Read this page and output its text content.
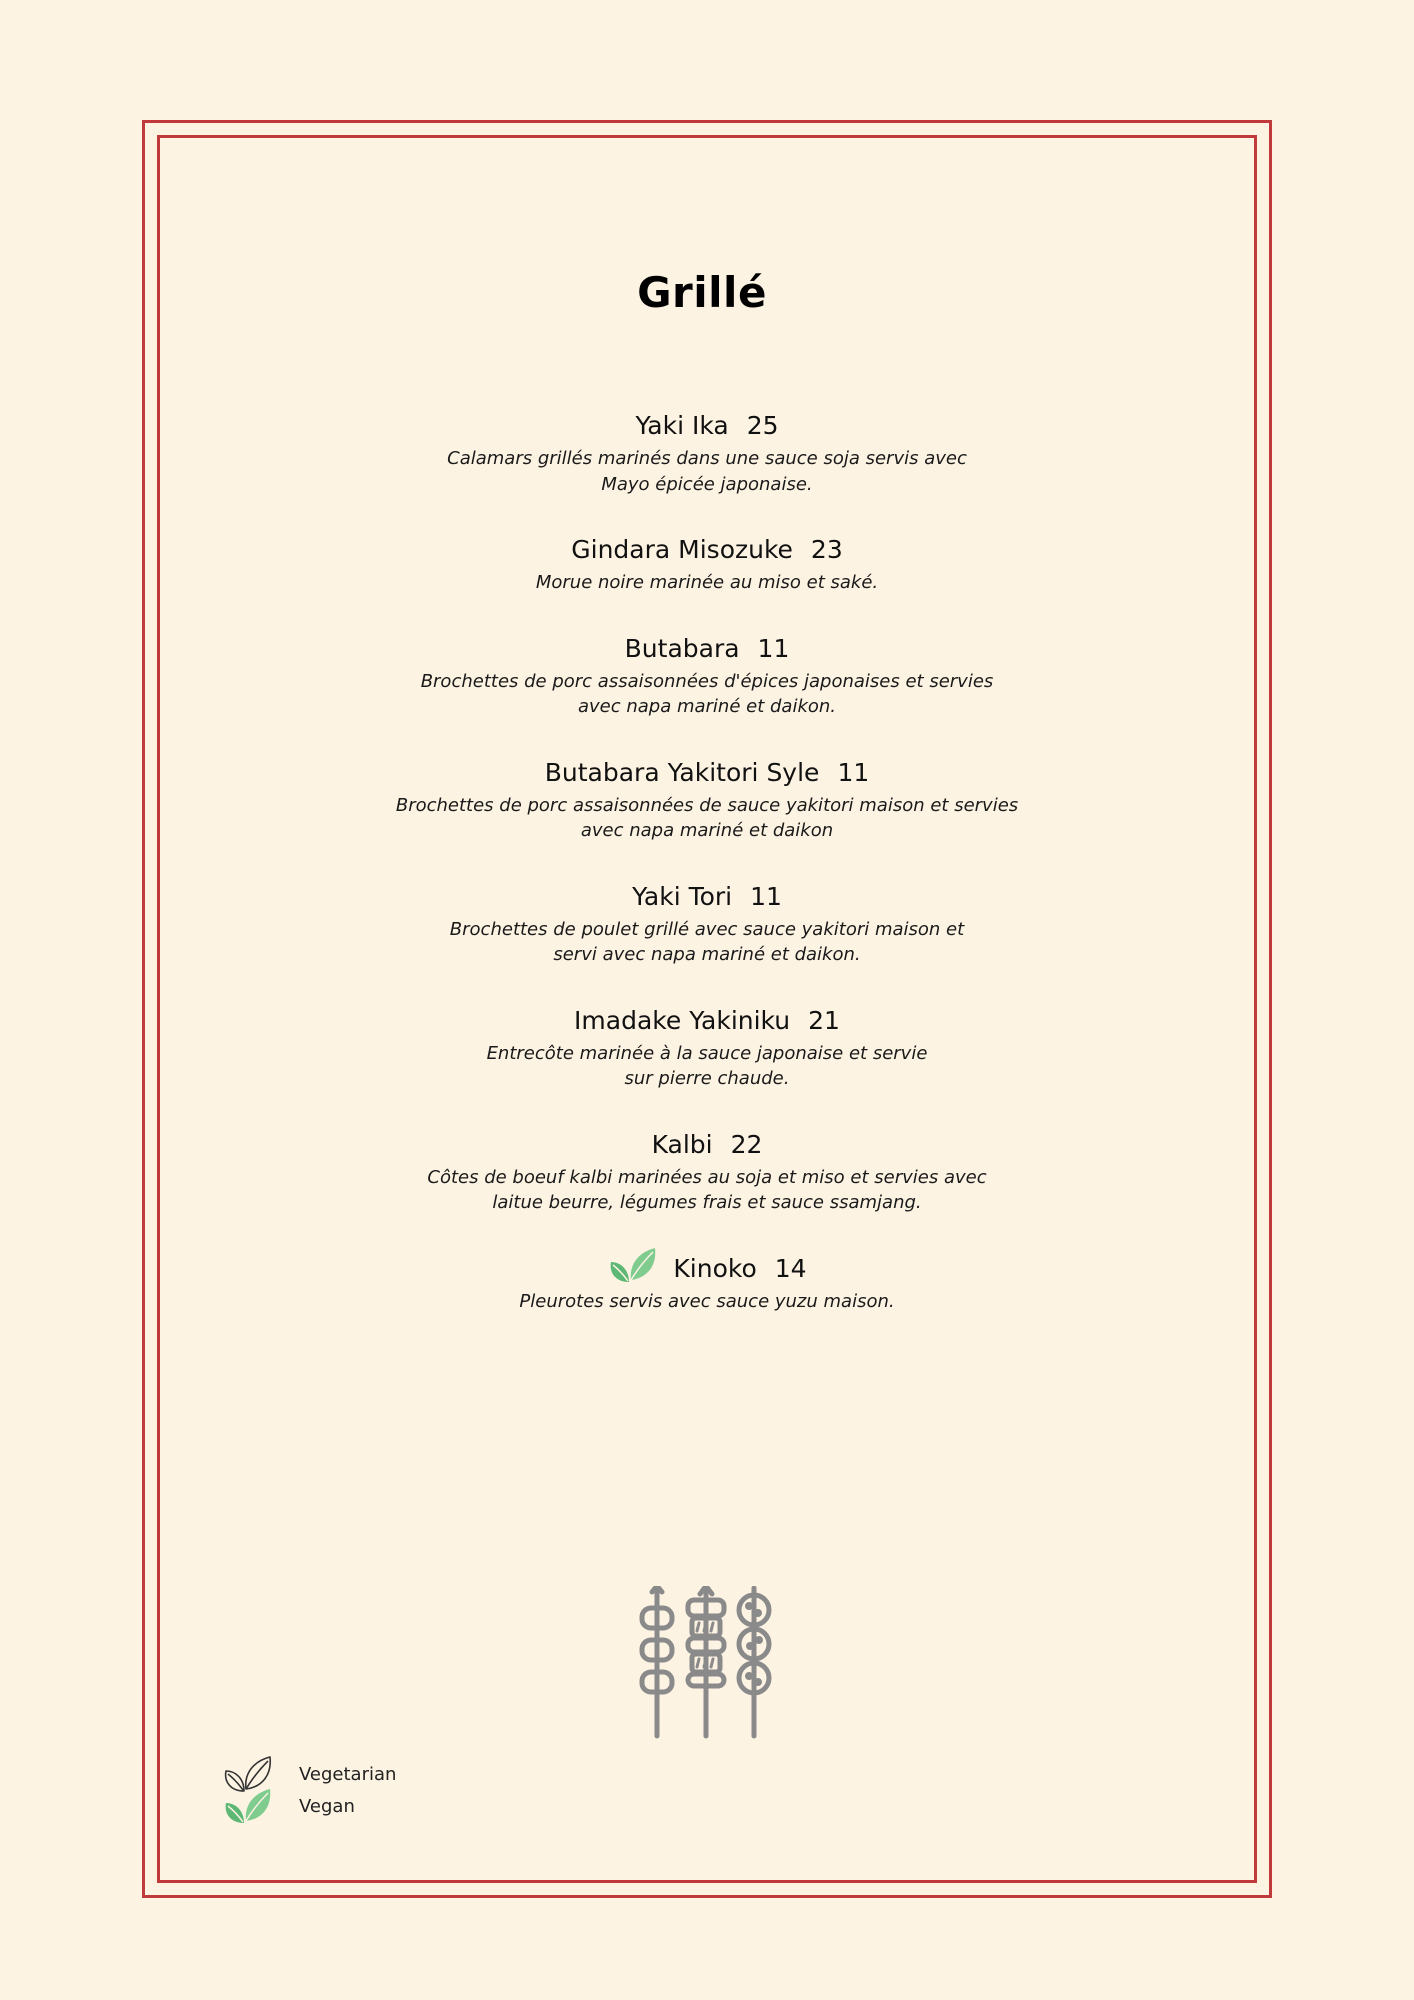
Grillé
Yaki Ika 25
Calamars grillés marinés dans une sauce soja servis avec
Mayo épicée japonaise.
Gindara Misozuke 23
Morue noire marinée au miso et saké.
Butabara 11
Brochettes de porc assaisonnées d'épices japonaises et servies
avec napa mariné et daikon.
Butabara Yakitori Syle 11
Brochettes de porc assaisonnées de sauce yakitori maison et servies
avec napa mariné et daikon
Yaki Tori 11
Brochettes de poulet grillé avec sauce yakitori maison et
servi avec napa mariné et daikon.
Imadake Yakiniku 21
Entrecôte marinée à la sauce japonaise et servie
sur pierre chaude.
Kalbi 22
Côtes de boeuf kalbi marinées au soja et miso et servies avec
laitue beurre, légumes frais et sauce ssamjang.
Kinoko 14
Pleurotes servis avec sauce yuzu maison.
Vegetarian
Vegan
